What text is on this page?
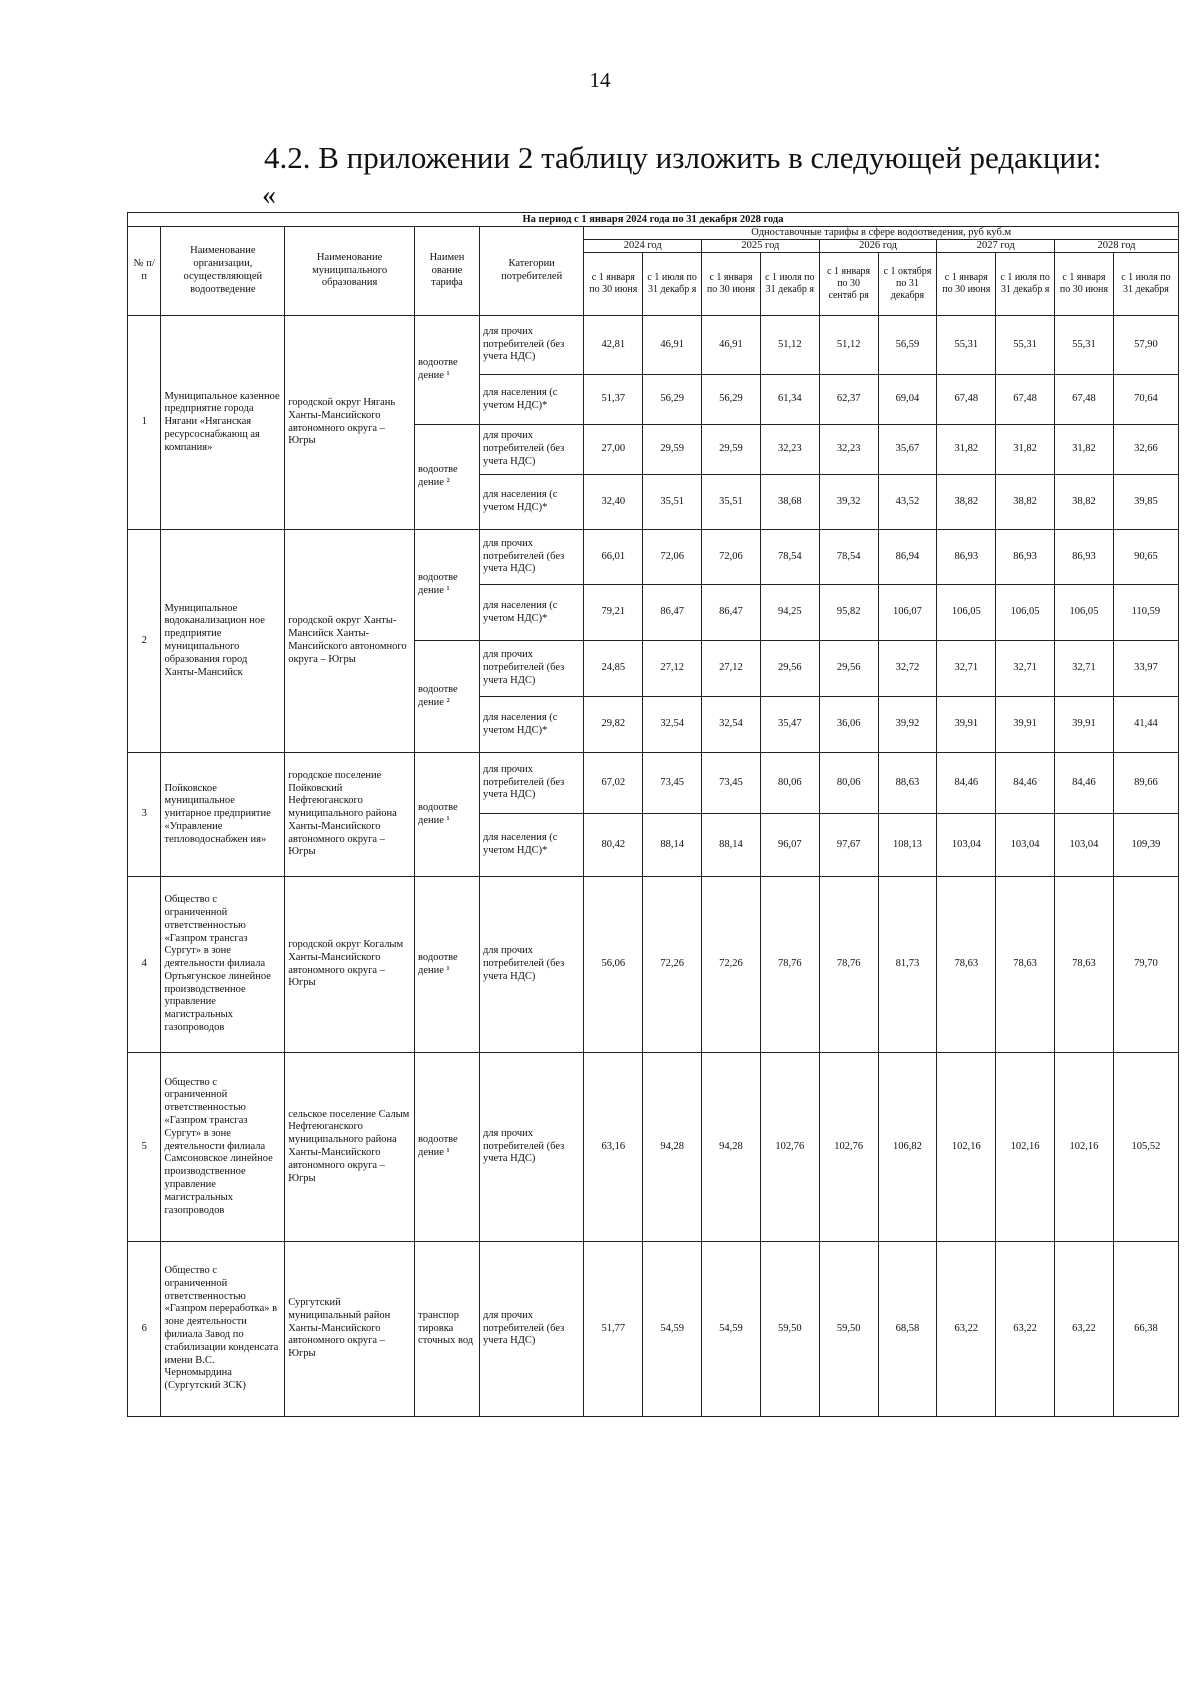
14
4.2. В приложении 2 таблицу изложить в следующей редакции:
«
На период с 1 января 2024 года по 31 декабря 2028 года														
№ п/п	Наименование организации, осуществляющей водоотведение	Наименование муниципального образования	Наимен ование тарифа	Категории потребителей	Одноставочные тарифы в сфере водоотведения, руб куб.м									
					2024 год		2025 год		2026 год		2027 год		2028 год	
					с 1 января по 30 июня	с 1 июля по 31 декабр я	с 1 января по 30 июня	с 1 июля по 31 декабр я	с 1 января по 30 сентяб ря	с 1 октября по 31 декабря	с 1 января по 30 июня	с 1 июля по 31 декабр я	с 1 января по 30 июня	с 1 июля по 31 декабря
1	Муниципальное казенное предприятие города Нягани «Няганская ресурсоснабжающ ая компания»	городской округ Нягань Ханты-Мансийского автономного округа – Югры	водоотве дение ¹	для прочих потребителей (без учета НДС)	42,81	46,91	46,91	51,12	51,12	56,59	55,31	55,31	55,31	57,90
				для населения (с учетом НДС)*	51,37	56,29	56,29	61,34	62,37	69,04	67,48	67,48	67,48	70,64
			водоотве дение ²	для прочих потребителей (без учета НДС)	27,00	29,59	29,59	32,23	32,23	35,67	31,82	31,82	31,82	32,66
				для населения (с учетом НДС)*	32,40	35,51	35,51	38,68	39,32	43,52	38,82	38,82	38,82	39,85
2	Муниципальное водоканализацион ное предприятие муниципального образования город Ханты-Мансийск	городской округ Ханты-Мансийск Ханты-Мансийского автономного округа – Югры	водоотве дение ¹	для прочих потребителей (без учета НДС)	66,01	72,06	72,06	78,54	78,54	86,94	86,93	86,93	86,93	90,65
				для населения (с учетом НДС)*	79,21	86,47	86,47	94,25	95,82	106,07	106,05	106,05	106,05	110,59
			водоотве дение ²	для прочих потребителей (без учета НДС)	24,85	27,12	27,12	29,56	29,56	32,72	32,71	32,71	32,71	33,97
				для населения (с учетом НДС)*	29,82	32,54	32,54	35,47	36,06	39,92	39,91	39,91	39,91	41,44
3	Пойковское муниципальное унитарное предприятие «Управление тепловодоснабжен ия»	городское поселение Пойковский Нефтеюганского муниципального района Ханты-Мансийского автономного округа – Югры	водоотве дение ¹	для прочих потребителей (без учета НДС)	67,02	73,45	73,45	80,06	80,06	88,63	84,46	84,46	84,46	89,66
				для населения (с учетом НДС)*	80,42	88,14	88,14	96,07	97,67	108,13	103,04	103,04	103,04	109,39
4	Общество с ограниченной ответственностью «Газпром трансгаз Сургут» в зоне деятельности филиала Ортьягунское линейное производственное управление магистральных газопроводов	городской округ Когалым Ханты-Мансийского автономного округа – Югры	водоотве дение ¹	для прочих потребителей (без учета НДС)	56,06	72,26	72,26	78,76	78,76	81,73	78,63	78,63	78,63	79,70
5	Общество с ограниченной ответственностью «Газпром трансгаз Сургут» в зоне деятельности филиала Самсоновское линейное производственное управление магистральных газопроводов	сельское поселение Салым Нефтеюганского муниципального района Ханты-Мансийского автономного округа – Югры	водоотве дение ¹	для прочих потребителей (без учета НДС)	63,16	94,28	94,28	102,76	102,76	106,82	102,16	102,16	102,16	105,52
6	Общество с ограниченной ответственностью «Газпром переработка» в зоне деятельности филиала Завод по стабилизации конденсата имени В.С. Черномырдина (Сургутский ЗСК)	Сургутский муниципальный район Ханты-Мансийского автономного округа – Югры	транспор тировка сточных вод	для прочих потребителей (без учета НДС)	51,77	54,59	54,59	59,50	59,50	68,58	63,22	63,22	63,22	66,38
